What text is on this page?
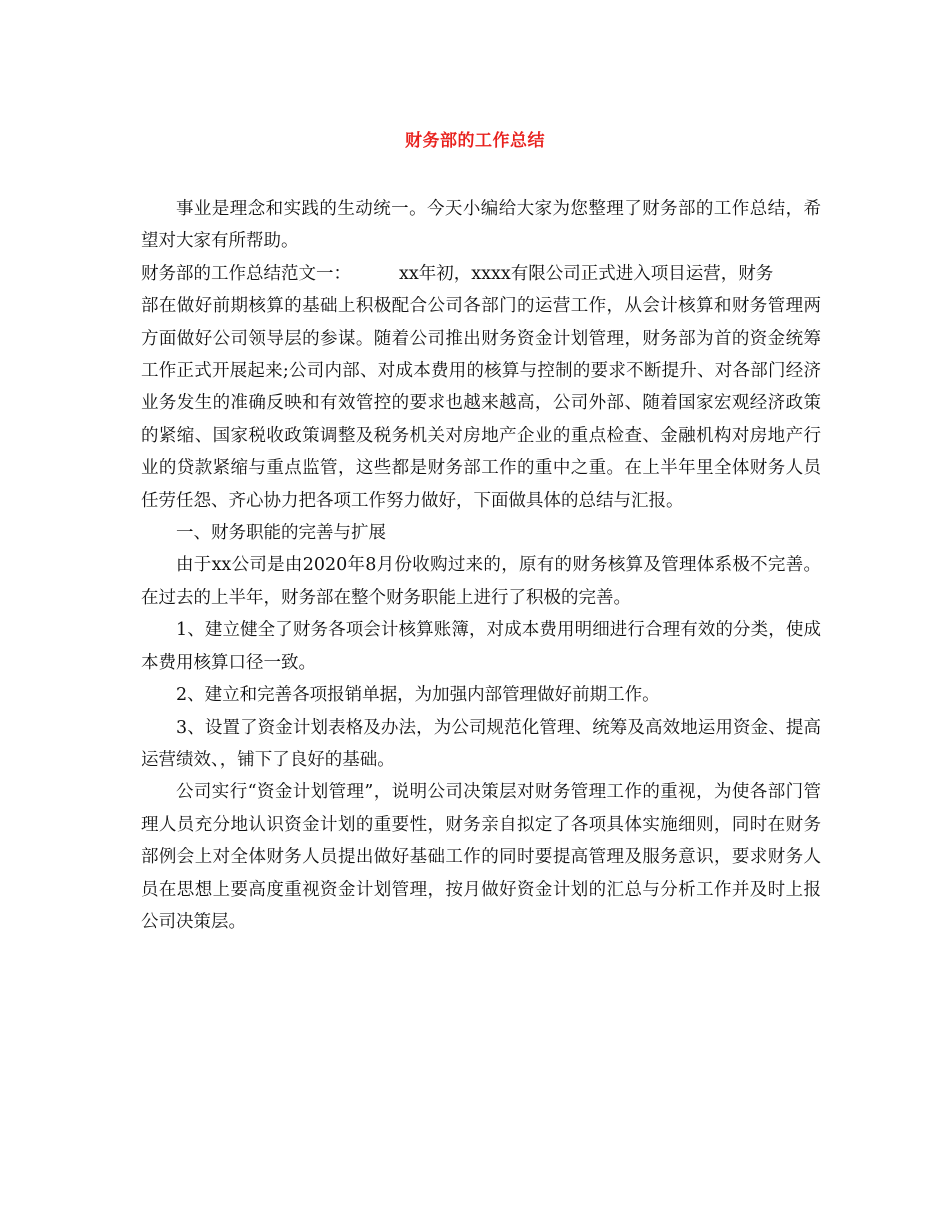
财务部的工作总结

事业是理念和实践的生动统一。今天小编给大家为您整理了财务部的工作总结，希望对大家有所帮助。

财务部的工作总结范文一：	xx年初，xxxx有限公司正式进入项目运营，财务
部在做好前期核算的基础上积极配合公司各部门的运营工作，从会计核算和财务管理两方面做好公司领导层的参谋。随着公司推出财务资金计划管理，财务部为首的资金统筹工作正式开展起来;公司内部、对成本费用的核算与控制的要求不断提升、对各部门经济业务发生的准确反映和有效管控的要求也越来越高，公司外部、随着国家宏观经济政策的紧缩、国家税收政策调整及税务机关对房地产企业的重点检查、金融机构对房地产行业的贷款紧缩与重点监管，这些都是财务部工作的重中之重。在上半年里全体财务人员任劳任怨、齐心协力把各项工作努力做好，下面做具体的总结与汇报。

一、财务职能的完善与扩展

由于xx公司是由2020年8月份收购过来的，原有的财务核算及管理体系极不完善。在过去的上半年，财务部在整个财务职能上进行了积极的完善。

1、建立健全了财务各项会计核算账簿，对成本费用明细进行合理有效的分类，使成本费用核算口径一致。

2、建立和完善各项报销单据，为加强内部管理做好前期工作。

3、设置了资金计划表格及办法，为公司规范化管理、统筹及高效地运用资金、提高运营绩效、，铺下了良好的基础。

公司实行“资金计划管理”，说明公司决策层对财务管理工作的重视，为使各部门管理人员充分地认识资金计划的重要性，财务亲自拟定了各项具体实施细则，同时在财务部例会上对全体财务人员提出做好基础工作的同时要提高管理及服务意识，要求财务人员在思想上要高度重视资金计划管理，按月做好资金计划的汇总与分析工作并及时上报公司决策层。
